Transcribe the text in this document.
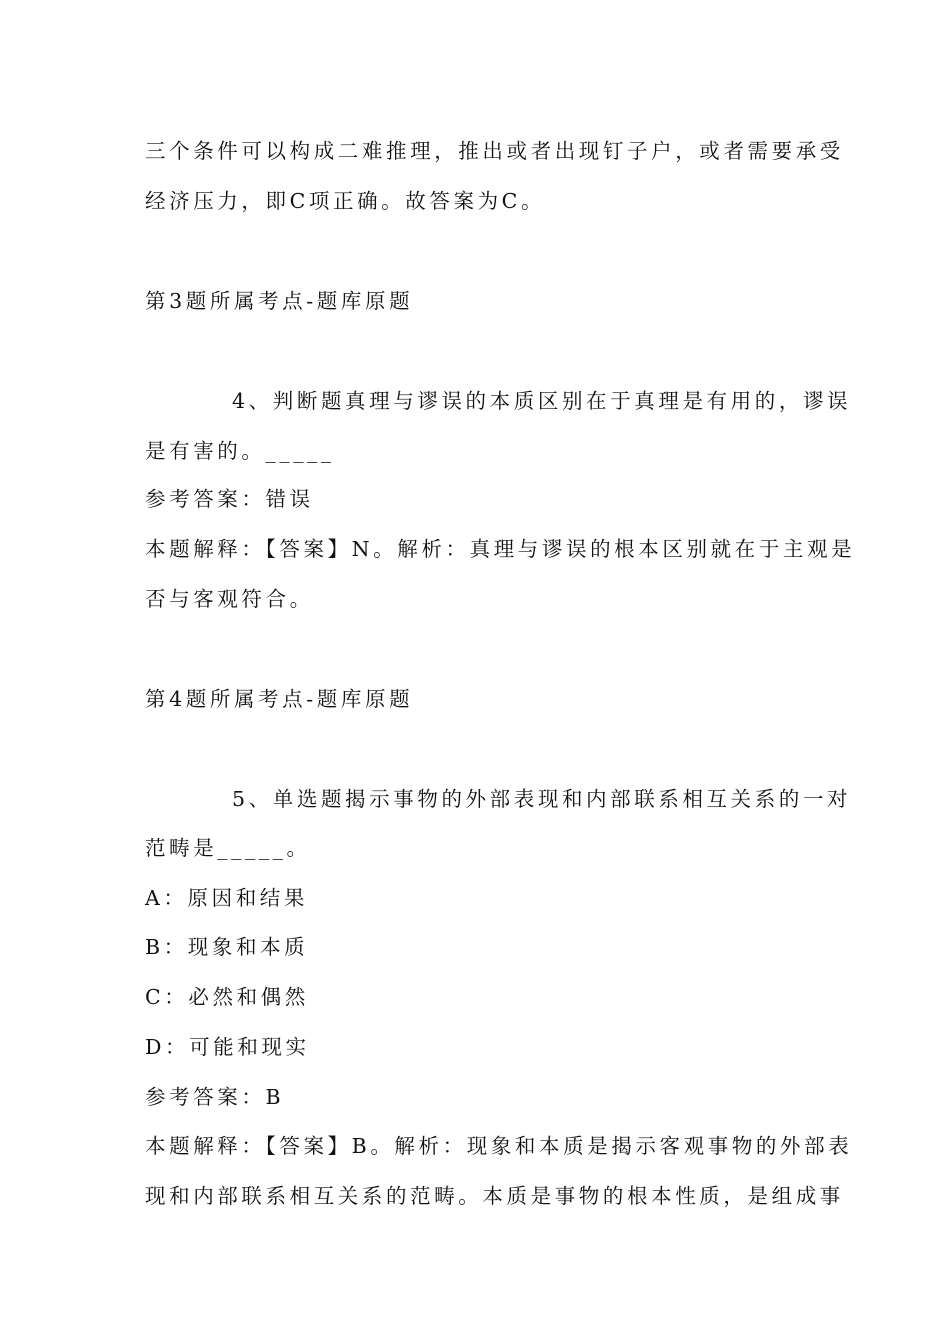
三个条件可以构成二难推理，推出或者出现钉子户，或者需要承受
经济压力，即C项正确。故答案为C。
第3题所属考点-题库原题
4、判断题真理与谬误的本质区别在于真理是有用的，谬误
是有害的。_____
参考答案：错误
本题解释：【答案】N。解析：真理与谬误的根本区别就在于主观是
否与客观符合。
第4题所属考点-题库原题
5、单选题揭示事物的外部表现和内部联系相互关系的一对
范畴是_____。
A：原因和结果
B：现象和本质
C：必然和偶然
D：可能和现实
参考答案：B
本题解释：【答案】B。解析：现象和本质是揭示客观事物的外部表
现和内部联系相互关系的范畴。本质是事物的根本性质，是组成事
